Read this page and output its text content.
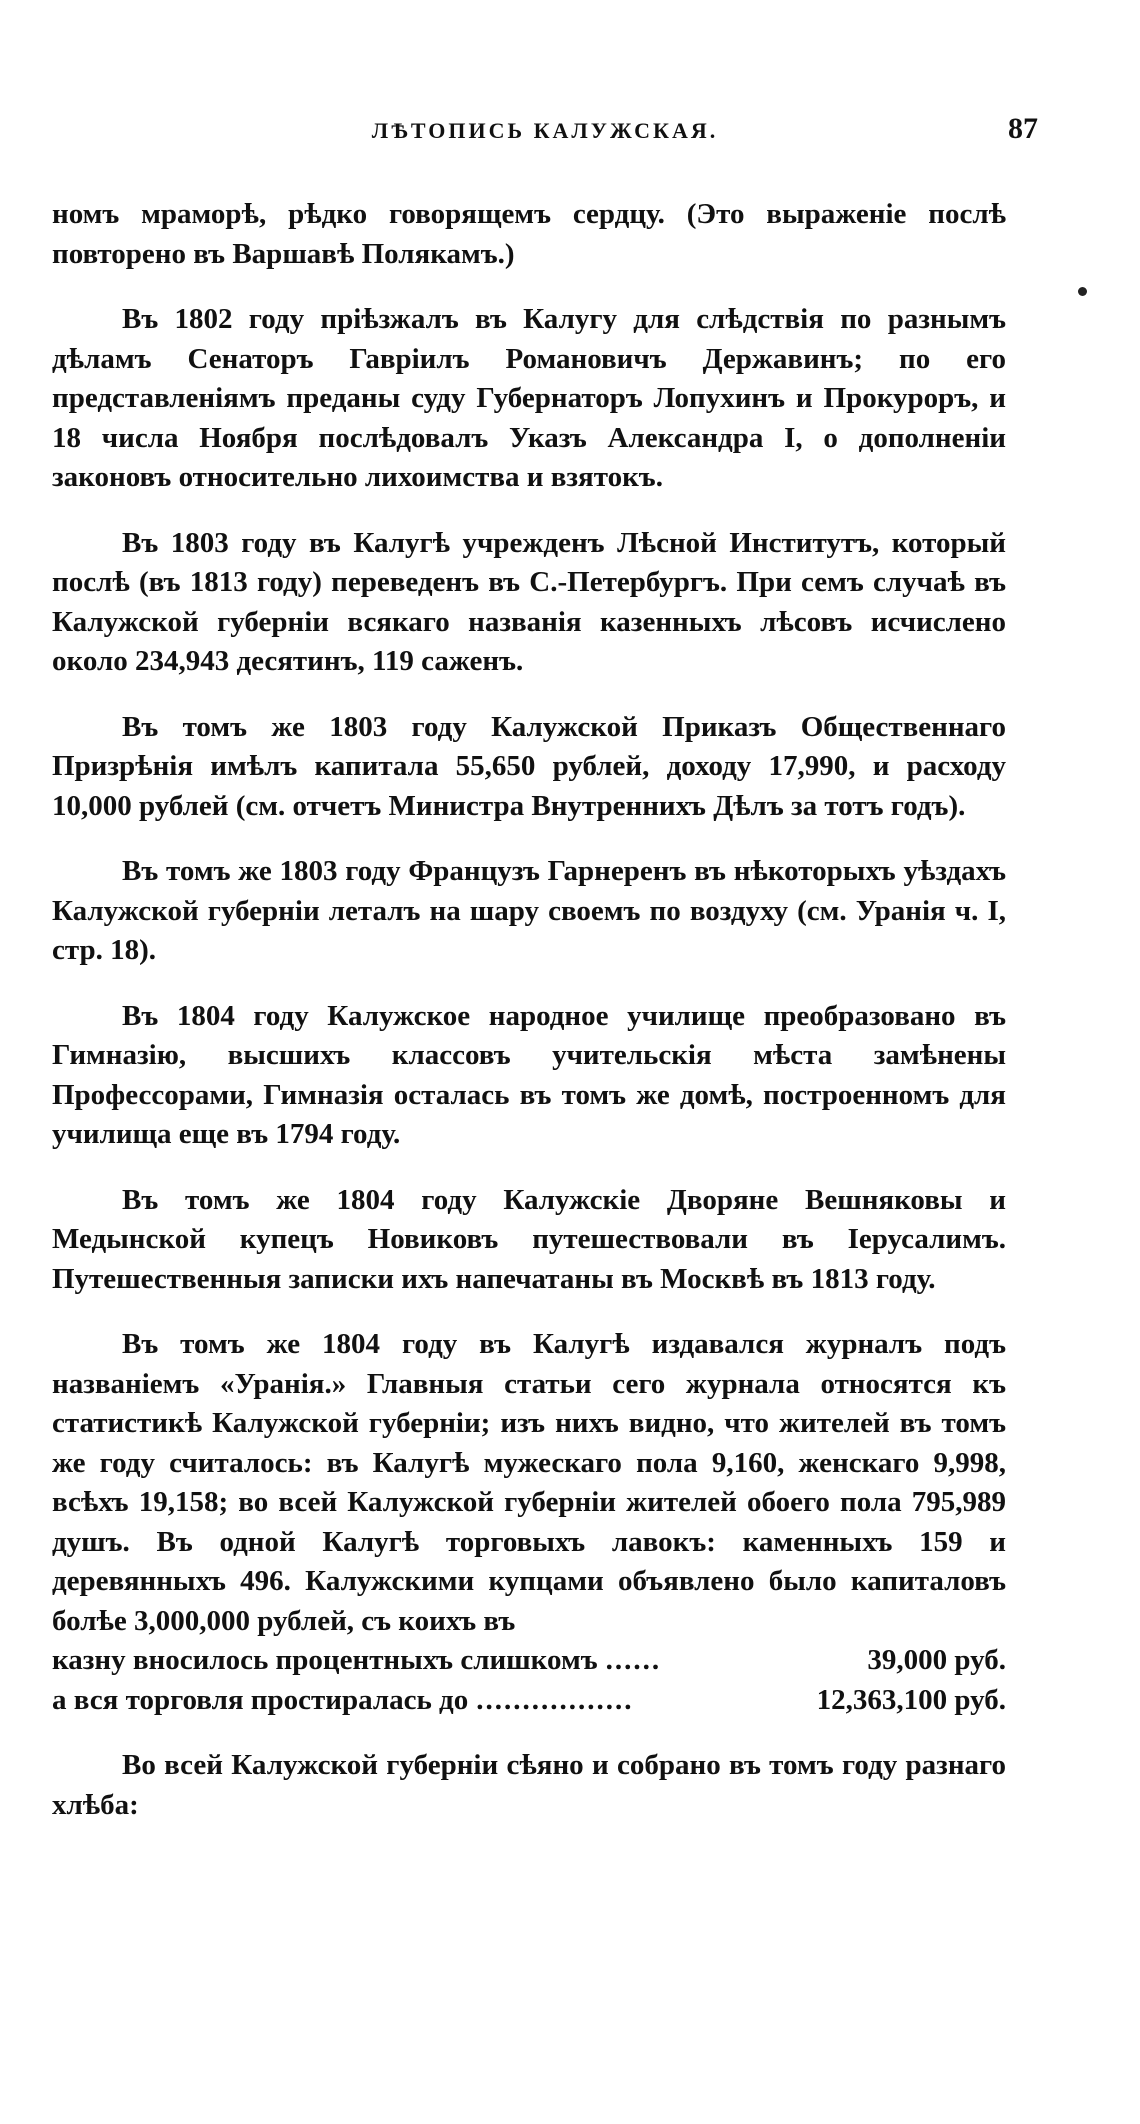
ЛѢТОПИСЬ КАЛУЖСКАЯ.	87

номъ мраморѣ, рѣдко говорящемъ сердцу. (Это выраженіе послѣ повторено въ Варшавѣ Полякамъ.)

Въ 1802 году пріѣзжалъ въ Калугу для слѣдствія по разнымъ дѣламъ Сенаторъ Гавріилъ Романовичъ Державинъ; по его представленіямъ преданы суду Губернаторъ Лопухинъ и Прокуроръ, и 18 числа Ноября послѣдовалъ Указъ Александра I, о дополненіи законовъ относительно лихоимства и взятокъ.

Въ 1803 году въ Калугѣ учрежденъ Лѣсной Институтъ, который послѣ (въ 1813 году) переведенъ въ С.-Петербургъ. При семъ случаѣ въ Калужской губерніи всякаго названія казенныхъ лѣсовъ исчислено около 234,943 десятинъ, 119 саженъ.

Въ томъ же 1803 году Калужской Приказъ Общественнаго Призрѣнія имѣлъ капитала 55,650 рублей, доходу 17,990, и расходу 10,000 рублей (см. отчетъ Министра Внутреннихъ Дѣлъ за тотъ годъ).

Въ томъ же 1803 году Французъ Гарнеренъ въ нѣкоторыхъ уѣздахъ Калужской губерніи леталъ на шару своемъ по воздуху (см. Уранія ч. I, стр. 18).

Въ 1804 году Калужское народное училище преобразовано въ Гимназію, высшихъ классовъ учительскія мѣста замѣнены Профессорами, Гимназія осталась въ томъ же домѣ, построенномъ для училища еще въ 1794 году.

Въ томъ же 1804 году Калужскіе Дворяне Вешняковы и Медынской купецъ Новиковъ путешествовали въ Іерусалимъ. Путешественныя записки ихъ напечатаны въ Москвѣ въ 1813 году.

Въ томъ же 1804 году въ Калугѣ издавался журналъ подъ названіемъ «Уранія.» Главныя статьи сего журнала относятся къ статистикѣ Калужской губерніи; изъ нихъ видно, что жителей въ томъ же году считалось: въ Калугѣ мужескаго пола 9,160, женскаго 9,998, всѣхъ 19,158; во всей Калужской губерніи жителей обоего пола 795,989 душъ. Въ одной Калугѣ торговыхъ лавокъ: каменныхъ 159 и деревянныхъ 496. Калужскими купцами объявлено было капиталовъ болѣе 3,000,000 рублей, съ коихъ въ

казну вносилось процентныхъ слишкомъ ......	39,000 руб.
а вся торговля простиралась до .................	12,363,100 руб.

Во всей Калужской губерніи сѣяно и собрано въ томъ году разнаго хлѣба:
